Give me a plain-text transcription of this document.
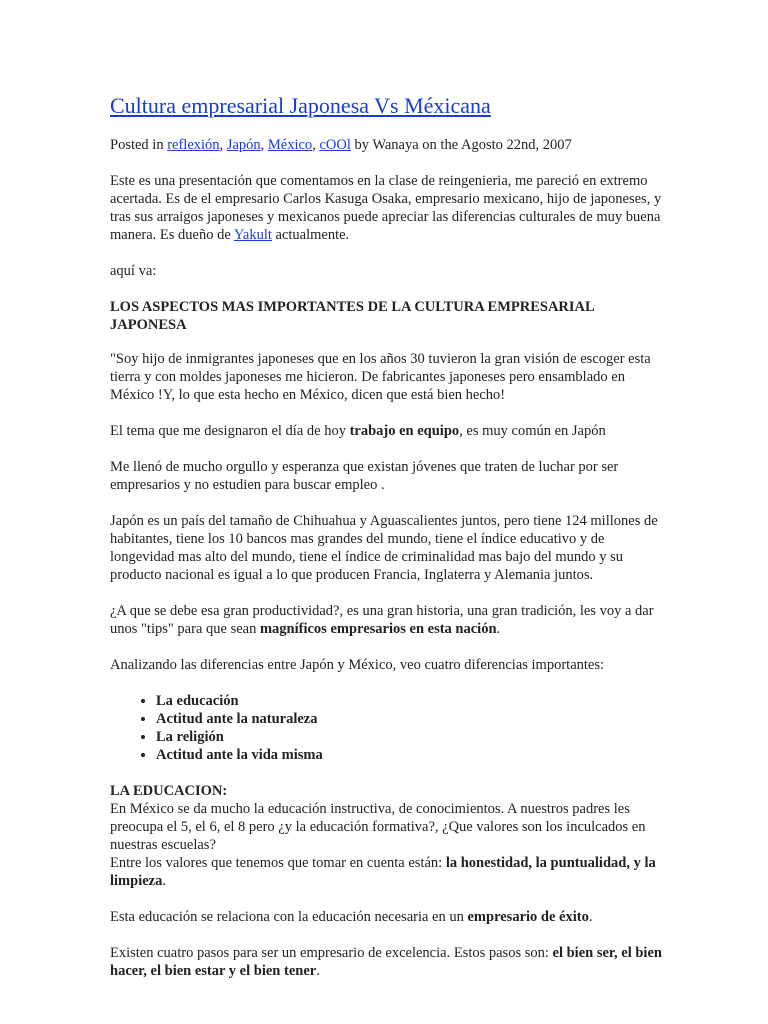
Cultura empresarial Japonesa Vs Méxicana

Posted in reflexión, Japón, México, cOOl by Wanaya on the Agosto 22nd, 2007

Este es una presentación que comentamos en la clase de reingenieria, me pareció en extremo acertada. Es de el empresario Carlos Kasuga Osaka, empresario mexicano, hijo de japoneses, y tras sus arraigos japoneses y mexicanos puede apreciar las diferencias culturales de muy buena manera. Es dueño de Yakult actualmente.

aquí va:

LOS ASPECTOS MAS IMPORTANTES DE LA CULTURA EMPRESARIAL JAPONESA

"Soy hijo de inmigrantes japoneses que en los años 30 tuvieron la gran visión de escoger esta tierra y con moldes japoneses me hicieron. De fabricantes japoneses pero ensamblado en México !Y, lo que esta hecho en México, dicen que está bien hecho!

El tema que me designaron el día de hoy trabajo en equipo, es muy común en Japón

Me llenó de mucho orgullo y esperanza que existan jóvenes que traten de luchar por ser empresarios y no estudien para buscar empleo .

Japón es un país del tamaño de Chihuahua y Aguascalientes juntos, pero tiene 124 millones de habitantes, tiene los 10 bancos mas grandes del mundo, tiene el índice educativo y de longevidad mas alto del mundo, tiene el índice de criminalidad mas bajo del mundo y su producto nacional es igual a lo que producen Francia, Inglaterra y Alemania juntos.

¿A que se debe esa gran productividad?, es una gran historia, una gran tradición, les voy a dar unos "tips" para que sean magníficos empresarios en esta nación.

Analizando las diferencias entre Japón y México, veo cuatro diferencias importantes:

• La educación
• Actitud ante la naturaleza
• La religión
• Actitud ante la vida misma

LA EDUCACION:
En México se da mucho la educación instructiva, de conocimientos. A nuestros padres les preocupa el 5, el 6, el 8 pero ¿y la educación formativa?, ¿Que valores son los inculcados en nuestras escuelas?
Entre los valores que tenemos que tomar en cuenta están: la honestidad, la puntualidad, y la limpieza.

Esta educación se relaciona con la educación necesaria en un empresario de éxito.

Existen cuatro pasos para ser un empresario de excelencia. Estos pasos son: el bien ser, el bien hacer, el bien estar y el bien tener.
